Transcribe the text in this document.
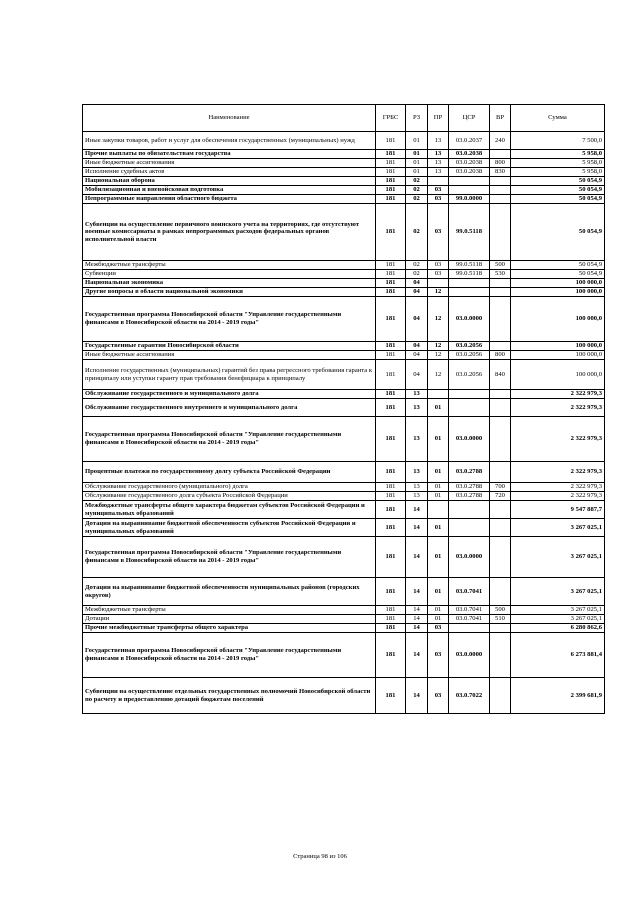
Наименование	ГРБС	РЗ	ПР	ЦСР	ВР	Сумма
Иные закупки товаров, работ и услуг для обеспечения государственных (муниципальных) нужд	181	01	13	03.0.2037	240	7 500,0
Прочие выплаты по обязательствам государства	181	01	13	03.0.2038		5 958,0
Иные бюджетные ассигнования	181	01	13	03.0.2038	800	5 958,0
Исполнение судебных актов	181	01	13	03.0.2038	830	5 958,0
Национальная оборона	181	02				50 054,9
Мобилизационная и вневойсковая подготовка	181	02	03			50 054,9
Непрограммные направления областного бюджета	181	02	03	99.0.0000		50 054,9
Субвенции на осуществление первичного воинского учета на территориях, где отсутствуют военные комиссариаты в рамках непрограммных расходов федеральных органов исполнительной власти	181	02	03	99.0.5118		50 054,9
Межбюджетные трансферты	181	02	03	99.0.5118	500	50 054,9
Субвенции	181	02	03	99.0.5118	530	50 054,9
Национальная экономика	181	04				100 000,0
Другие вопросы в области национальной экономики	181	04	12			100 000,0
Государственная программа Новосибирской области "Управление государственными финансами в Новосибирской области на 2014 - 2019 годы"	181	04	12	03.0.0000		100 000,0
Государственные гарантии Новосибирской области	181	04	12	03.0.2056		100 000,0
Иные бюджетные ассигнования	181	04	12	03.0.2056	800	100 000,0
Исполнение государственных (муниципальных) гарантий без права регрессного требования гаранта к принципалу или уступки гаранту прав требования бенефициара к принципалу	181	04	12	03.0.2056	840	100 000,0
Обслуживание государственного и муниципального долга	181	13				2 322 979,3
Обслуживание государственного внутреннего и муниципального долга	181	13	01			2 322 979,3
Государственная программа Новосибирской области "Управление государственными финансами в Новосибирской области на 2014 - 2019 годы"	181	13	01	03.0.0000		2 322 979,3
Процентные платежи по государственному долгу субъекта Российской Федерации	181	13	01	03.0.2788		2 322 979,3
Обслуживание государственного (муниципального) долга	181	13	01	03.0.2788	700	2 322 979,3
Обслуживание государственного долга субъекта Российской Федерации	181	13	01	03.0.2788	720	2 322 979,3
Межбюджетные трансферты общего характера бюджетам субъектов Российской Федерации и муниципальных образований	181	14				9 547 887,7
Дотации на выравнивание бюджетной обеспеченности субъектов Российской Федерации и муниципальных образований	181	14	01			3 267 025,1
Государственная программа Новосибирской области "Управление государственными финансами в Новосибирской области на 2014 - 2019 годы"	181	14	01	03.0.0000		3 267 025,1
Дотации на выравнивание бюджетной обеспеченности муниципальных районов (городских округов)	181	14	01	03.0.7041		3 267 025,1
Межбюджетные трансферты	181	14	01	03.0.7041	500	3 267 025,1
Дотации	181	14	01	03.0.7041	510	3 267 025,1
Прочие межбюджетные трансферты общего характера	181	14	03			6 280 862,6
Государственная программа Новосибирской области "Управление государственными финансами в Новосибирской области на 2014 - 2019 годы"	181	14	03	03.0.0000		6 273 881,4
Субвенции на осуществление отдельных государственных полномочий Новосибирской области по расчету и предоставлению дотаций бюджетам поселений	181	14	03	03.0.7022		2 399 681,9
Страница 98 из 106
